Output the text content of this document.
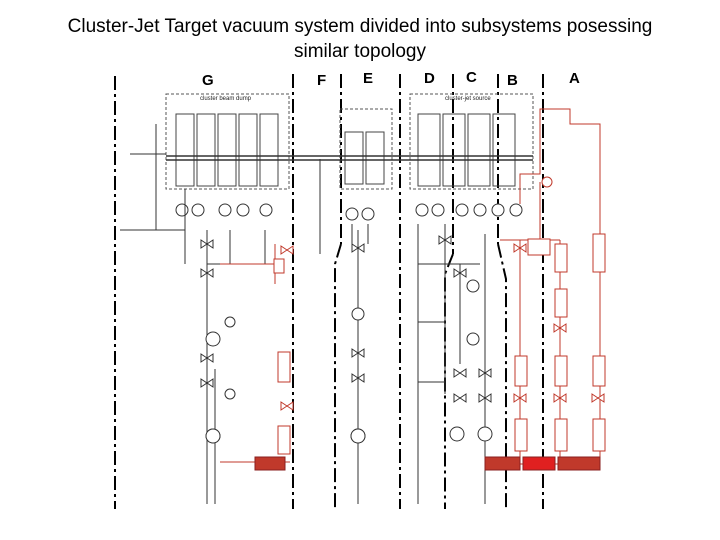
Cluster-Jet Target vacuum system divided into subsystems posessing
similar topology
G	F E	D C B	A
cluster beam dump	cluster-jet source
